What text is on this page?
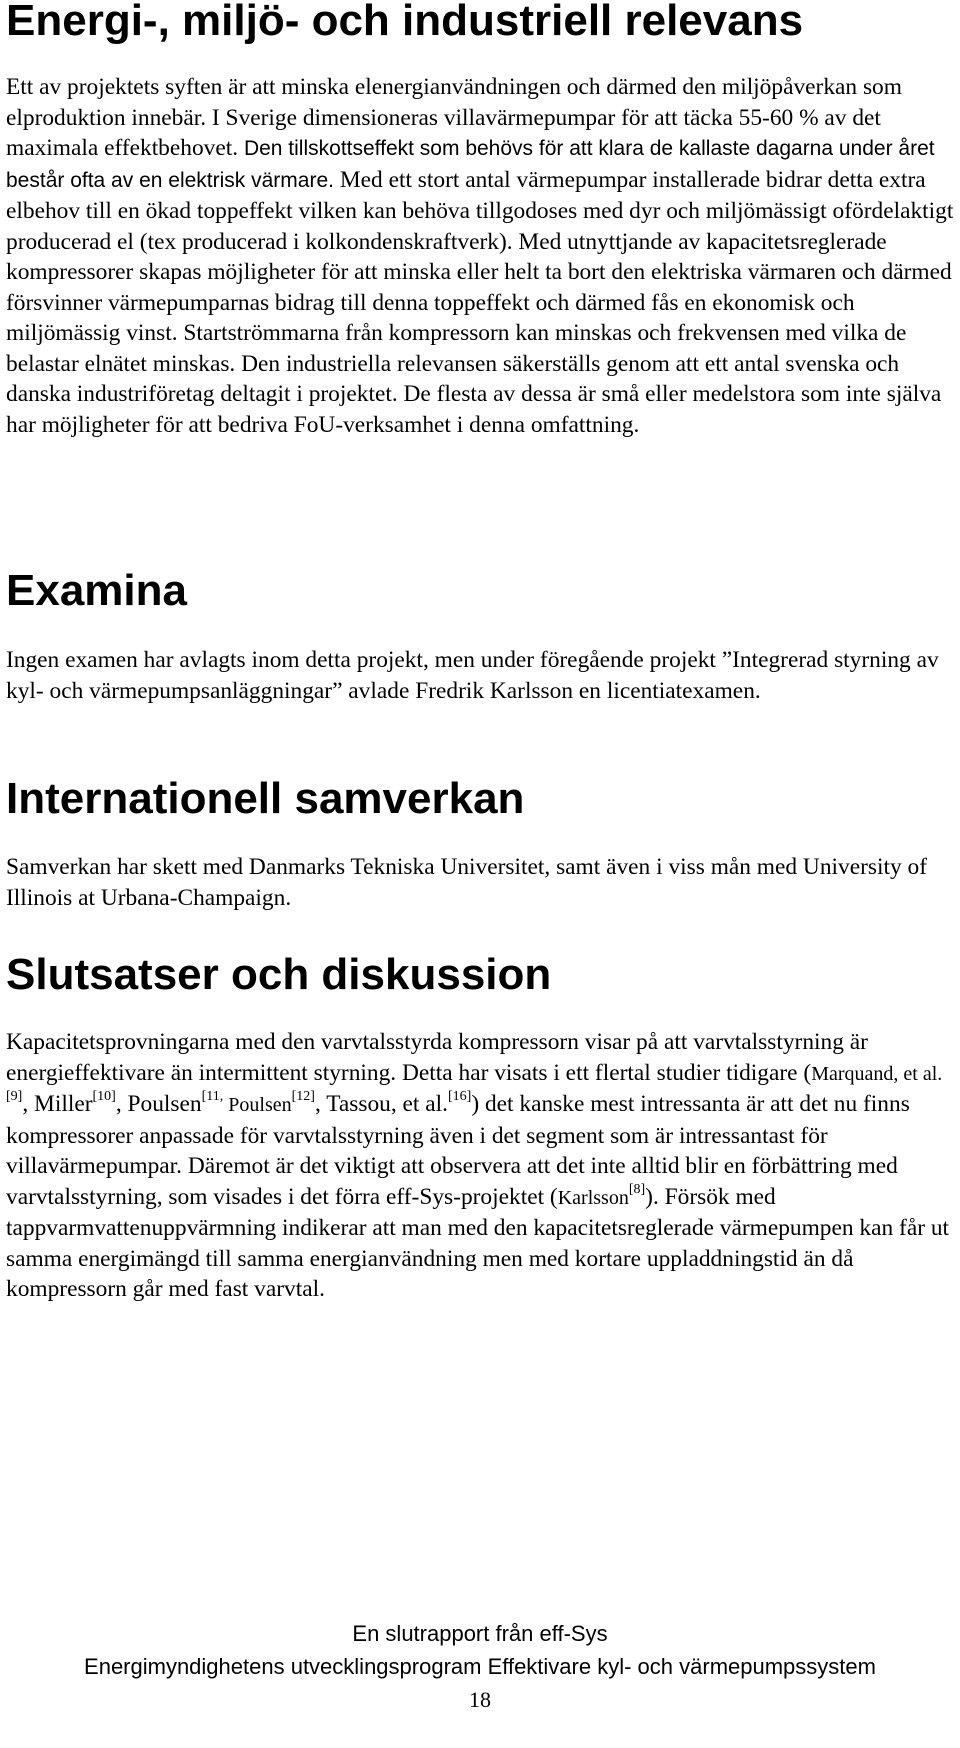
Energi-, miljö- och industriell relevans

Ett av projektets syften är att minska elenergianvändningen och därmed den miljöpåverkan som elproduktion innebär. I Sverige dimensioneras villavärmepumpar för att täcka 55-60 % av det maximala effektbehovet. Den tillskottseffekt som behövs för att klara de kallaste dagarna under året består ofta av en elektrisk värmare. Med ett stort antal värmepumpar installerade bidrar detta extra elbehov till en ökad toppeffekt vilken kan behöva tillgodoses med dyr och miljömässigt ofördelaktigt producerad el (tex producerad i kolkondenskraftverk). Med utnyttjande av kapacitetsreglerade kompressorer skapas möjligheter för att minska eller helt ta bort den elektriska värmaren och därmed försvinner värmepumparnas bidrag till denna toppeffekt och därmed fås en ekonomisk och miljömässig vinst. Startströmmarna från kompressorn kan minskas och frekvensen med vilka de belastar elnätet minskas. Den industriella relevansen säkerställs genom att ett antal svenska och danska industriföretag deltagit i projektet. De flesta av dessa är små eller medelstora som inte själva har möjligheter för att bedriva FoU-verksamhet i denna omfattning.

Examina

Ingen examen har avlagts inom detta projekt, men under föregående projekt ”Integrerad styrning av kyl- och värmepumpsanläggningar” avlade Fredrik Karlsson en licentiatexamen.

Internationell samverkan

Samverkan har skett med Danmarks Tekniska Universitet, samt även i viss mån med University of Illinois at Urbana-Champaign.

Slutsatser och diskussion

Kapacitetsprovningarna med den varvtalsstyrda kompressorn visar på att varvtalsstyrning är energieffektivare än intermittent styrning. Detta har visats i ett flertal studier tidigare (Marquand, et al.[9], Miller[10], Poulsen$^{[11,}$ Poulsen[12], Tassou, et al.[16]) det kanske mest intressanta är att det nu finns kompressorer anpassade för varvtalsstyrning även i det segment som är intressantast för villavärmepumpar. Däremot är det viktigt att observera att det inte alltid blir en förbättring med varvtalsstyrning, som visades i det förra eff-Sys-projektet (Karlsson[8]). Försök med tappvarmvattenuppvärmning indikerar att man med den kapacitetsreglerade värmepumpen kan får ut samma energimängd till samma energianvändning men med kortare uppladdningstid än då kompressorn går med fast varvtal.

En slutrapport från eff-Sys
Energimyndighetens utvecklingsprogram Effektivare kyl- och värmepumpssystem
18
